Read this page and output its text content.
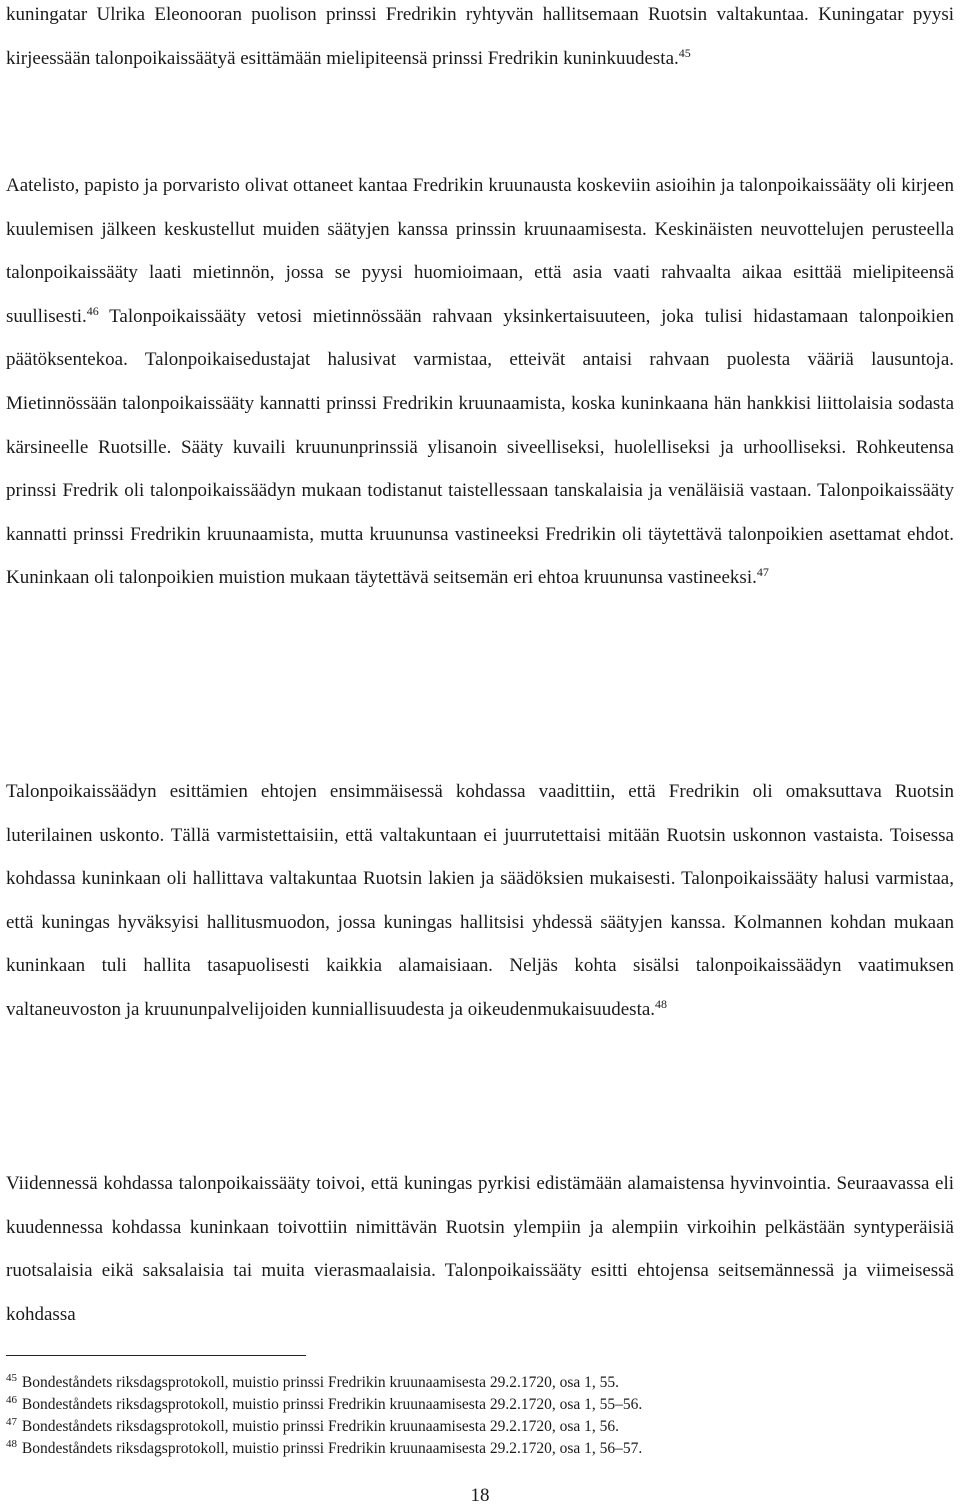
kuningatar Ulrika Eleonooran puolison prinssi Fredrikin ryhtyvän hallitsemaan Ruotsin valtakuntaa. Kuningatar pyysi kirjeessään talonpoikaissäätyä esittämään mielipiteensä prinssi Fredrikin kuninkuudesta.$^{45}$

Aatelisto, papisto ja porvaristo olivat ottaneet kantaa Fredrikin kruunausta koskeviin asioihin ja talonpoikaissääty oli kirjeen kuulemisen jälkeen keskustellut muiden säätyjen kanssa prinssin kruunaamisesta. Keskinäisten neuvottelujen perusteella talonpoikaissääty laati mietinnön, jossa se pyysi huomioimaan, että asia vaati rahvaalta aikaa esittää mielipiteensä suullisesti.$^{46}$ Talonpoikaissääty vetosi mietinnössään rahvaan yksinkertaisuuteen, joka tulisi hidastamaan talonpoikien päätöksentekoa. Talonpoikaisedustajat halusivat varmistaa, etteivät antaisi rahvaan puolesta vääriä lausuntoja. Mietinnössään talonpoikaissääty kannatti prinssi Fredrikin kruunaamista, koska kuninkaana hän hankkisi liittolaisia sodasta kärsineelle Ruotsille. Sääty kuvaili kruununprinssiä ylisanoin siveelliseksi, huolelliseksi ja urhoolliseksi. Rohkeutensa prinssi Fredrik oli talonpoikaissäädyn mukaan todistanut taistellessaan tanskalaisia ja venäläisiä vastaan. Talonpoikaissääty kannatti prinssi Fredrikin kruunaamista, mutta kruununsa vastineeksi Fredrikin oli täytettävä talonpoikien asettamat ehdot. Kuninkaan oli talonpoikien muistion mukaan täytettävä seitsemän eri ehtoa kruununsa vastineeksi.$^{47}$

Talonpoikaissäädyn esittämien ehtojen ensimmäisessä kohdassa vaadittiin, että Fredrikin oli omaksuttava Ruotsin luterilainen uskonto. Tällä varmistettaisiin, että valtakuntaan ei juurrutettaisi mitään Ruotsin uskonnon vastaista. Toisessa kohdassa kuninkaan oli hallittava valtakuntaa Ruotsin lakien ja säädöksien mukaisesti. Talonpoikaissääty halusi varmistaa, että kuningas hyväksyisi hallitusmuodon, jossa kuningas hallitsisi yhdessä säätyjen kanssa. Kolmannen kohdan mukaan kuninkaan tuli hallita tasapuolisesti kaikkia alamaisiaan. Neljäs kohta sisälsi talonpoikaissäädyn vaatimuksen valtaneuvoston ja kruununpalvelijoiden kunniallisuudesta ja oikeudenmukaisuudesta.$^{48}$

Viidennessä kohdassa talonpoikaissääty toivoi, että kuningas pyrkisi edistämään alamaistensa hyvinvointia. Seuraavassa eli kuudennessa kohdassa kuninkaan toivottiin nimittävän Ruotsin ylempiin ja alempiin virkoihin pelkästään syntyperäisiä ruotsalaisia eikä saksalaisia tai muita vierasmaalaisia. Talonpoikaissääty esitti ehtojensa seitsemännessä ja viimeisessä kohdassa

$^{45}$ Bondeståndets riksdagsprotokoll, muistio prinssi Fredrikin kruunaamisesta 29.2.1720, osa 1, 55.
$^{46}$ Bondeståndets riksdagsprotokoll, muistio prinssi Fredrikin kruunaamisesta 29.2.1720, osa 1, 55–56.
$^{47}$ Bondeståndets riksdagsprotokoll, muistio prinssi Fredrikin kruunaamisesta 29.2.1720, osa 1, 56.
$^{48}$ Bondeståndets riksdagsprotokoll, muistio prinssi Fredrikin kruunaamisesta 29.2.1720, osa 1, 56–57.
18
